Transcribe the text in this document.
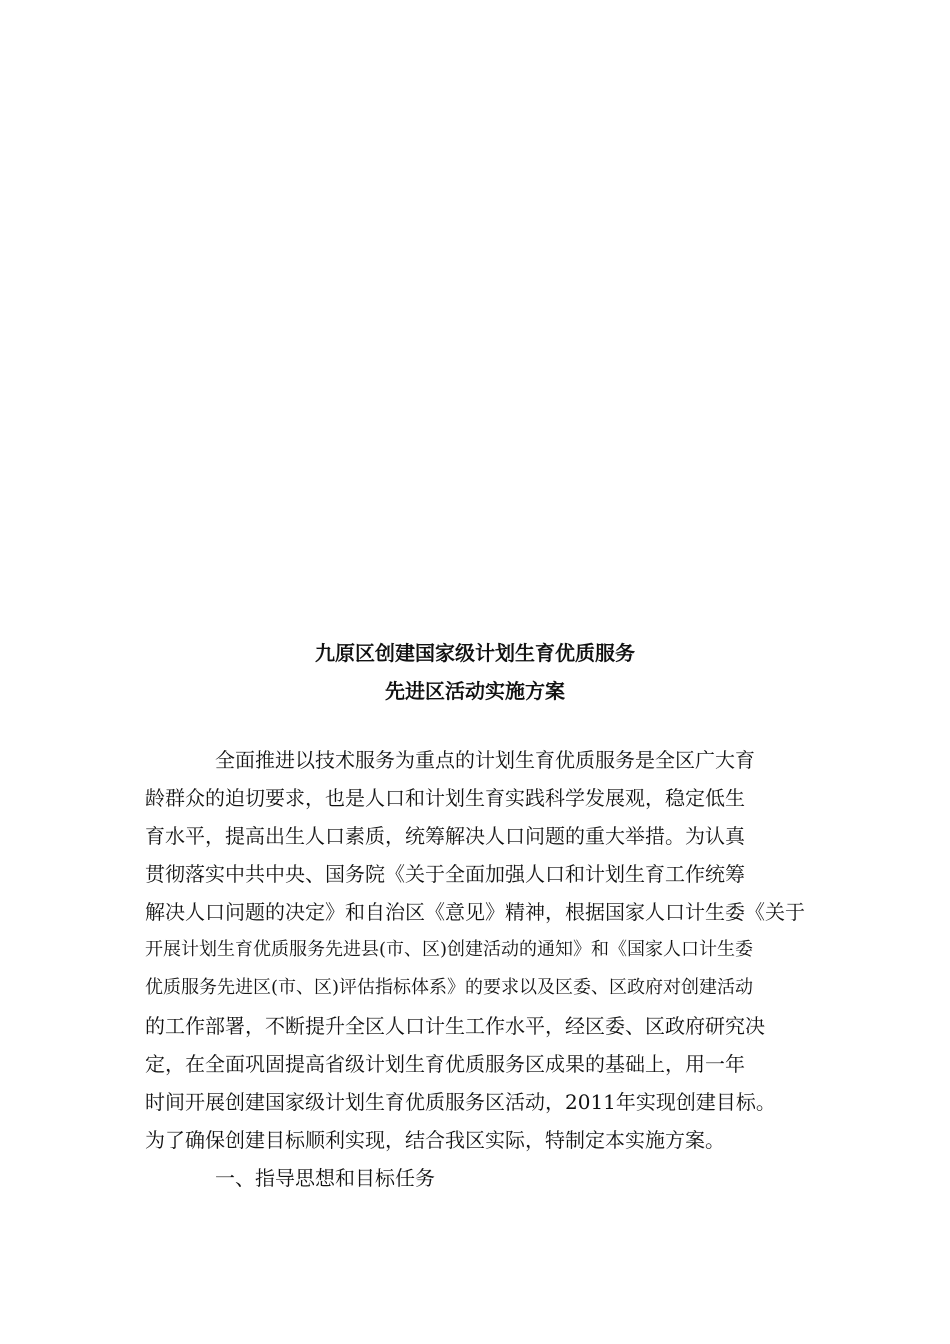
九原区创建国家级计划生育优质服务
先进区活动实施方案
全面推进以技术服务为重点的计划生育优质服务是全区广大育
龄群众的迫切要求，也是人口和计划生育实践科学发展观，稳定低生
育水平，提高出生人口素质，统筹解决人口问题的重大举措。为认真
贯彻落实中共中央、国务院《关于全面加强人口和计划生育工作统筹
解决人口问题的决定》和自治区《意见》精神，根据国家人口计生委《关于
开展计划生育优质服务先进县(市、区)创建活动的通知》和《国家人口计生委
优质服务先进区(市、区)评估指标体系》的要求以及区委、区政府对创建活动
的工作部署，不断提升全区人口计生工作水平，经区委、区政府研究决
定，在全面巩固提高省级计划生育优质服务区成果的基础上，用一年
时间开展创建国家级计划生育优质服务区活动，2011年实现创建目标。
为了确保创建目标顺利实现，结合我区实际，特制定本实施方案。
一、指导思想和目标任务
